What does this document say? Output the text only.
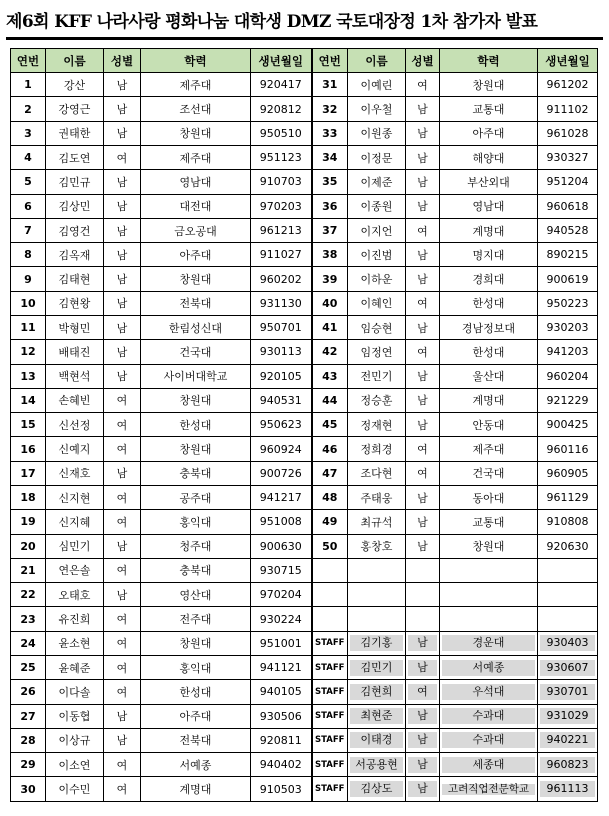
제6회 KFF 나라사랑 평화나눔 대학생 DMZ 국토대장정 1차 참가자 발표
연번	이름	성별	학력	생년월일	연번	이름	성별	학력	생년월일
1	강산	남	제주대	920417	31	이예린	여	창원대	961202
2	강영근	남	조선대	920812	32	이우철	남	교통대	911102
3	권태한	남	창원대	950510	33	이원종	남	아주대	961028
4	김도연	여	제주대	951123	34	이정문	남	해양대	930327
5	김민규	남	영남대	910703	35	이제준	남	부산외대	951204
6	김상민	남	대전대	970203	36	이종원	남	영남대	960618
7	김영건	남	금오공대	961213	37	이지언	여	계명대	940528
8	김옥재	남	아주대	911027	38	이진범	남	명지대	890215
9	김태현	남	창원대	960202	39	이하운	남	경희대	900619
10	김현왕	남	전북대	931130	40	이혜인	여	한성대	950223
11	박형민	남	한림성신대	950701	41	임승현	남	경남정보대	930203
12	배태진	남	건국대	930113	42	임정연	여	한성대	941203
13	백현석	남	사이버대학교	920105	43	전민기	남	울산대	960204
14	손혜빈	여	창원대	940531	44	정승훈	남	계명대	921229
15	신선정	여	한성대	950623	45	정재현	남	안동대	900425
16	신예지	여	창원대	960924	46	정희경	여	제주대	960116
17	신재호	남	충북대	900726	47	조다현	여	건국대	960905
18	신지현	여	공주대	941217	48	주태웅	남	동아대	961129
19	신지혜	여	홍익대	951008	49	최규석	남	교통대	910808
20	심민기	남	청주대	900630	50	홍창호	남	창원대	920630
21	연은솔	여	충북대	930715					
22	오태호	남	영산대	970204					
23	유진희	여	전주대	930224					
24	윤소현	여	창원대	951001	STAFF	김기홍	남	경운대	930403

25	윤혜준	여	홍익대	941121	STAFF	김민기	남	서예종	930607

26	이다솔	여	한성대	940105	STAFF	김현희	여	우석대	930701

27	이동협	남	아주대	930506	STAFF	최현준	남	수과대	931029

28	이상규	남	전북대	920811	STAFF	이태경	남	수과대	940221

29	이소연	여	서예종	940402	STAFF	서공용현	남	세종대	960823

30	이수민	여	계명대	910503	STAFF	김상도	남	고려직업전문학교	961113
